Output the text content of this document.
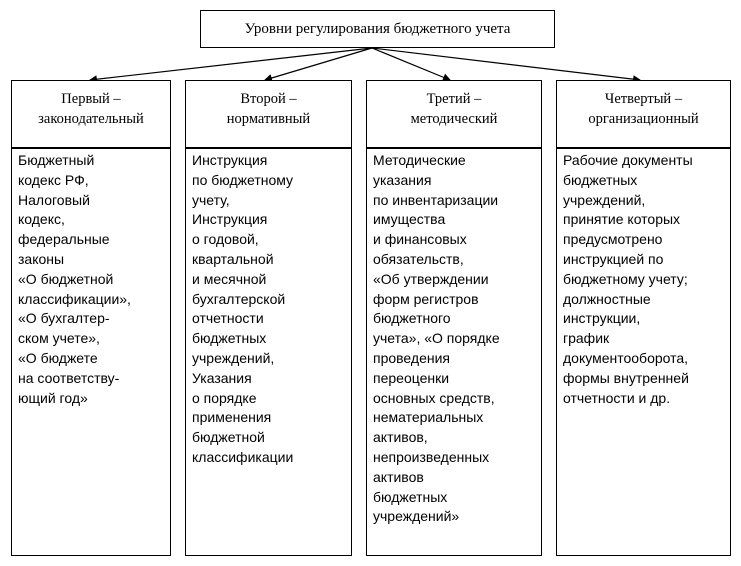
Уровни регулирования бюджетного учета
Первый –
законодательный
Бюджетный
кодекс РФ,
Налоговый
кодекс,
федеральные
законы
«О бюджетной
классификации»,
«О бухгалтер-
ском учете»,
«О бюджете
на соответству-
ющий год»
Второй –
нормативный
Инструкция
по бюджетному
учету,
Инструкция
о годовой,
квартальной
и месячной
бухгалтерской
отчетности
бюджетных
учреждений,
Указания
о порядке
применения
бюджетной
классификации
Третий –
методический
Методические
указания
по инвентаризации
имущества
и финансовых
обязательств,
«Об утверждении
форм регистров
бюджетного
учета», «О порядке
проведения
переоценки
основных средств,
нематериальных
активов,
непроизведенных
активов
бюджетных
учреждений»
Четвертый –
организационный
Рабочие документы
бюджетных
учреждений,
принятие которых
предусмотрено
инструкцией по
бюджетному учету;
должностные
инструкции,
график
документооборота,
формы внутренней
отчетности и др.
